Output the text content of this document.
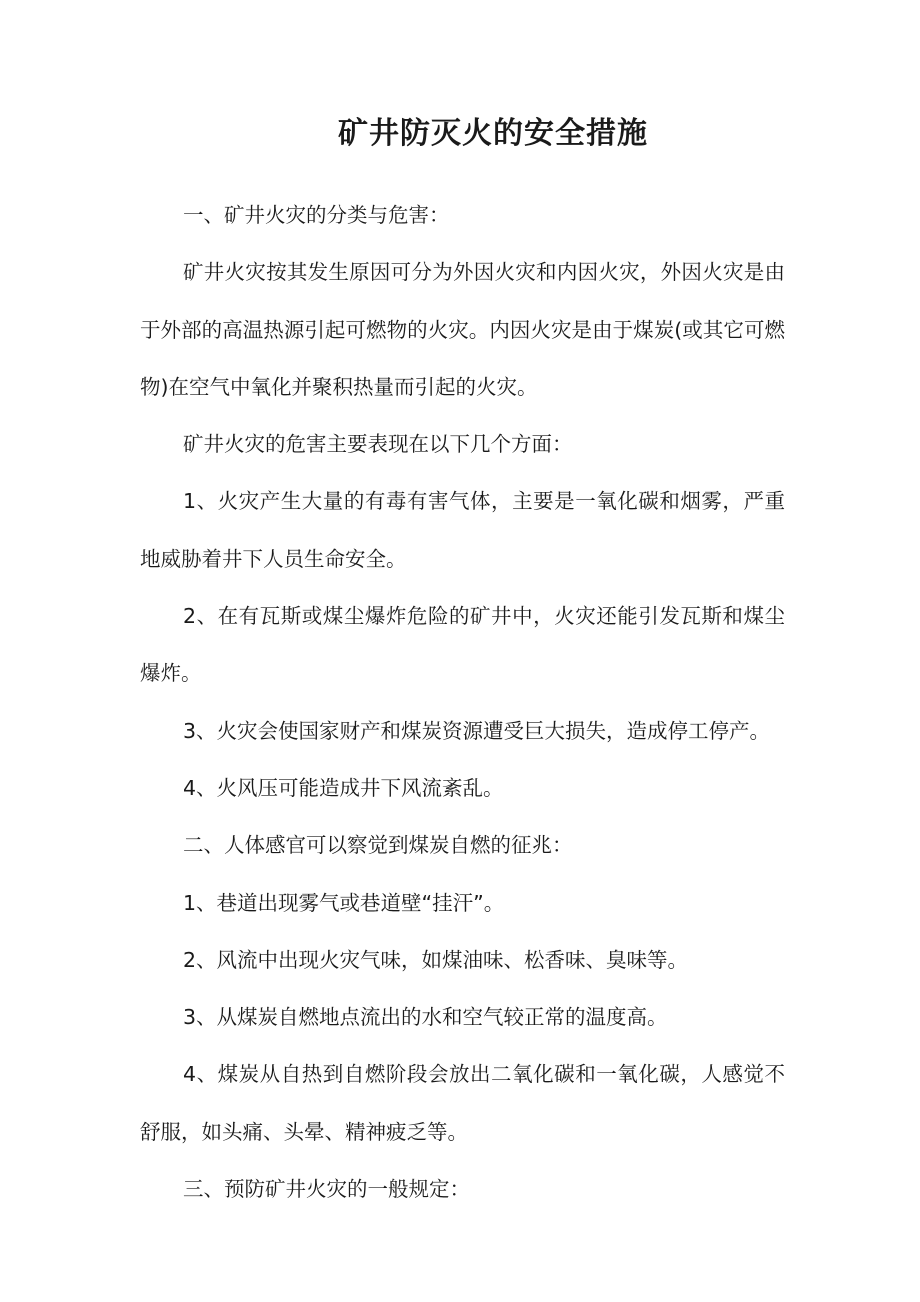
矿井防灭火的安全措施

一、矿井火灾的分类与危害：

矿井火灾按其发生原因可分为外因火灾和内因火灾，外因火灾是由于外部的高温热源引起可燃物的火灾。内因火灾是由于煤炭(或其它可燃物)在空气中氧化并聚积热量而引起的火灾。

矿井火灾的危害主要表现在以下几个方面：

1、火灾产生大量的有毒有害气体，主要是一氧化碳和烟雾，严重地威胁着井下人员生命安全。

2、在有瓦斯或煤尘爆炸危险的矿井中，火灾还能引发瓦斯和煤尘爆炸。

3、火灾会使国家财产和煤炭资源遭受巨大损失，造成停工停产。

4、火风压可能造成井下风流紊乱。

二、人体感官可以察觉到煤炭自燃的征兆：

1、巷道出现雾气或巷道壁“挂汗”。

2、风流中出现火灾气味，如煤油味、松香味、臭味等。

3、从煤炭自燃地点流出的水和空气较正常的温度高。

4、煤炭从自热到自燃阶段会放出二氧化碳和一氧化碳，人感觉不舒服，如头痛、头晕、精神疲乏等。

三、预防矿井火灾的一般规定：
